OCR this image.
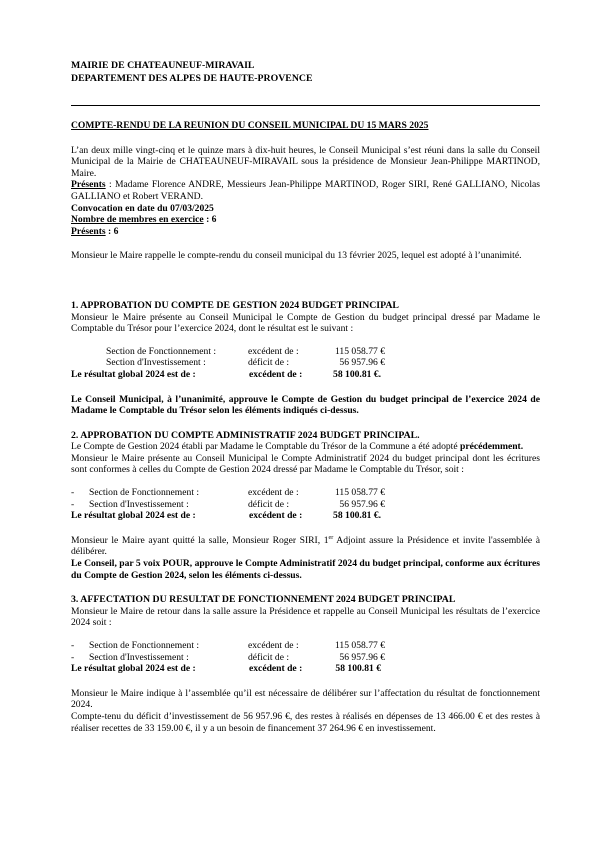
MAIRIE DE CHATEAUNEUF-MIRAVAIL
DEPARTEMENT DES ALPES DE HAUTE-PROVENCE
COMPTE-RENDU DE LA REUNION DU CONSEIL MUNICIPAL DU 15 MARS 2025

L’an deux mille vingt-cinq et le quinze mars à dix-huit heures, le Conseil Municipal s’est réuni dans la salle du Conseil Municipal de la Mairie de CHATEAUNEUF-MIRAVAIL sous la présidence de Monsieur Jean-Philippe MARTINOD, Maire.

Présents : Madame Florence ANDRE, Messieurs Jean-Philippe MARTINOD, Roger SIRI, René GALLIANO, Nicolas GALLIANO et Robert VERAND.

Convocation en date du 07/03/2025
Nombre de membres en exercice : 6
Présents : 6

Monsieur le Maire rappelle le compte-rendu du conseil municipal du 13 février 2025, lequel est adopté à l’unanimité.

1. APPROBATION DU COMPTE DE GESTION 2024 BUDGET PRINCIPAL

Monsieur le Maire présente au Conseil Municipal le Compte de Gestion du budget principal dressé par Madame le Comptable du Trésor pour l’exercice 2024, dont le résultat est le suivant :

Section de Fonctionnement :	excédent de :	115 058.77 €
Section d'Investissement :	déficit de :	56 957.96 €
Le résultat global 2024 est de :	excédent de :	58 100.81 €.

Le Conseil Municipal, à l’unanimité, approuve le Compte de Gestion du budget principal de l’exercice 2024 de Madame le Comptable du Trésor selon les éléments indiqués ci-dessus.

2. APPROBATION DU COMPTE ADMINISTRATIF 2024 BUDGET PRINCIPAL.

Le Compte de Gestion 2024 établi par Madame le Comptable du Trésor de la Commune a été adopté précédemment.

Monsieur le Maire présente au Conseil Municipal le Compte Administratif 2024 du budget principal dont les écritures sont conformes à celles du Compte de Gestion 2024 dressé par Madame le Comptable du Trésor, soit :

- Section de Fonctionnement :	excédent de :	115 058.77 €
- Section d'Investissement :	déficit de :	56 957.96 €
Le résultat global 2024 est de :	excédent de :	58 100.81 €.

Monsieur le Maire ayant quitté la salle, Monsieur Roger SIRI, 1er Adjoint assure la Présidence et invite l'assemblée à délibérer.

Le Conseil, par 5 voix POUR, approuve le Compte Administratif 2024 du budget principal, conforme aux écritures du Compte de Gestion 2024, selon les éléments ci-dessus.

3. AFFECTATION DU RESULTAT DE FONCTIONNEMENT 2024 BUDGET PRINCIPAL

Monsieur le Maire de retour dans la salle assure la Présidence et rappelle au Conseil Municipal les résultats de l’exercice 2024 soit :

- Section de Fonctionnement :	excédent de :	115 058.77 €
- Section d'Investissement :	déficit de :	56 957.96 €
Le résultat global 2024 est de :	excédent de :	58 100.81 €

Monsieur le Maire indique à l’assemblée qu’il est nécessaire de délibérer sur l’affectation du résultat de fonctionnement 2024.

Compte-tenu du déficit d’investissement de 56 957.96 €, des restes à réalisés en dépenses de 13 466.00 € et des restes à réaliser recettes de 33 159.00 €, il y a un besoin de financement 37 264.96 € en investissement.
